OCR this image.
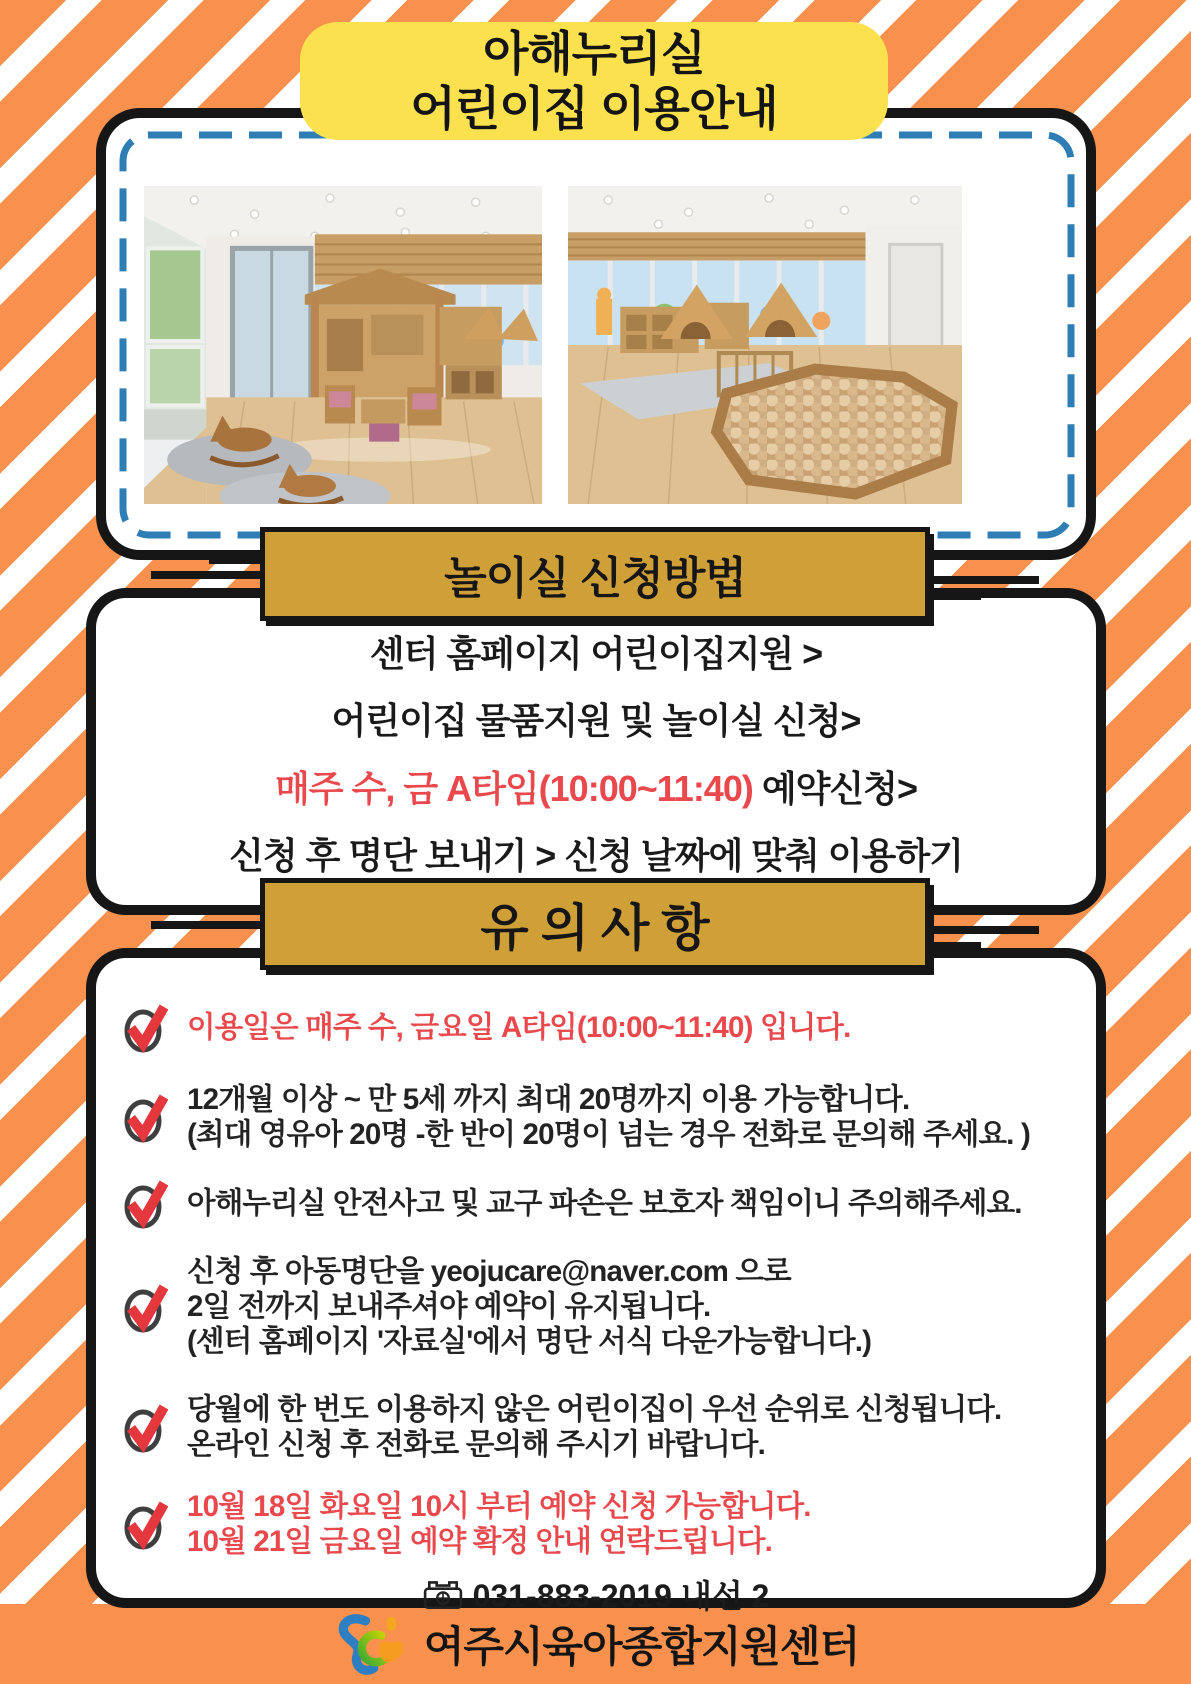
아해누리실
어린이집 이용안내
놀이실 신청방법
센터 홈페이지 어린이집지원 >
어린이집 물품지원 및 놀이실 신청>
매주 수, 금 A타임(10:00~11:40) 예약신청>
신청 후 명단 보내기 > 신청 날짜에 맞춰 이용하기
유의사항
이용일은 매주 수, 금요일 A타임(10:00~11:40) 입니다.
12개월 이상 ~ 만 5세 까지 최대 20명까지 이용 가능합니다.
(최대 영유아 20명 -한 반이 20명이 넘는 경우 전화로 문의해 주세요. )
아해누리실 안전사고 및 교구 파손은 보호자 책임이니 주의해주세요.
신청 후 아동명단을 yeojucare@naver.com 으로
2일 전까지 보내주셔야 예약이 유지됩니다.
(센터 홈페이지 '자료실'에서 명단 서식 다운가능합니다.)
당월에 한 번도 이용하지 않은 어린이집이 우선 순위로 신청됩니다.
온라인 신청 후 전화로 문의해 주시기 바랍니다.
10월 18일 화요일 10시 부터 예약 신청 가능합니다.
10월 21일 금요일 예약 확정 안내 연락드립니다.
031-883-2019 내선 2
여주시육아종합지원센터
